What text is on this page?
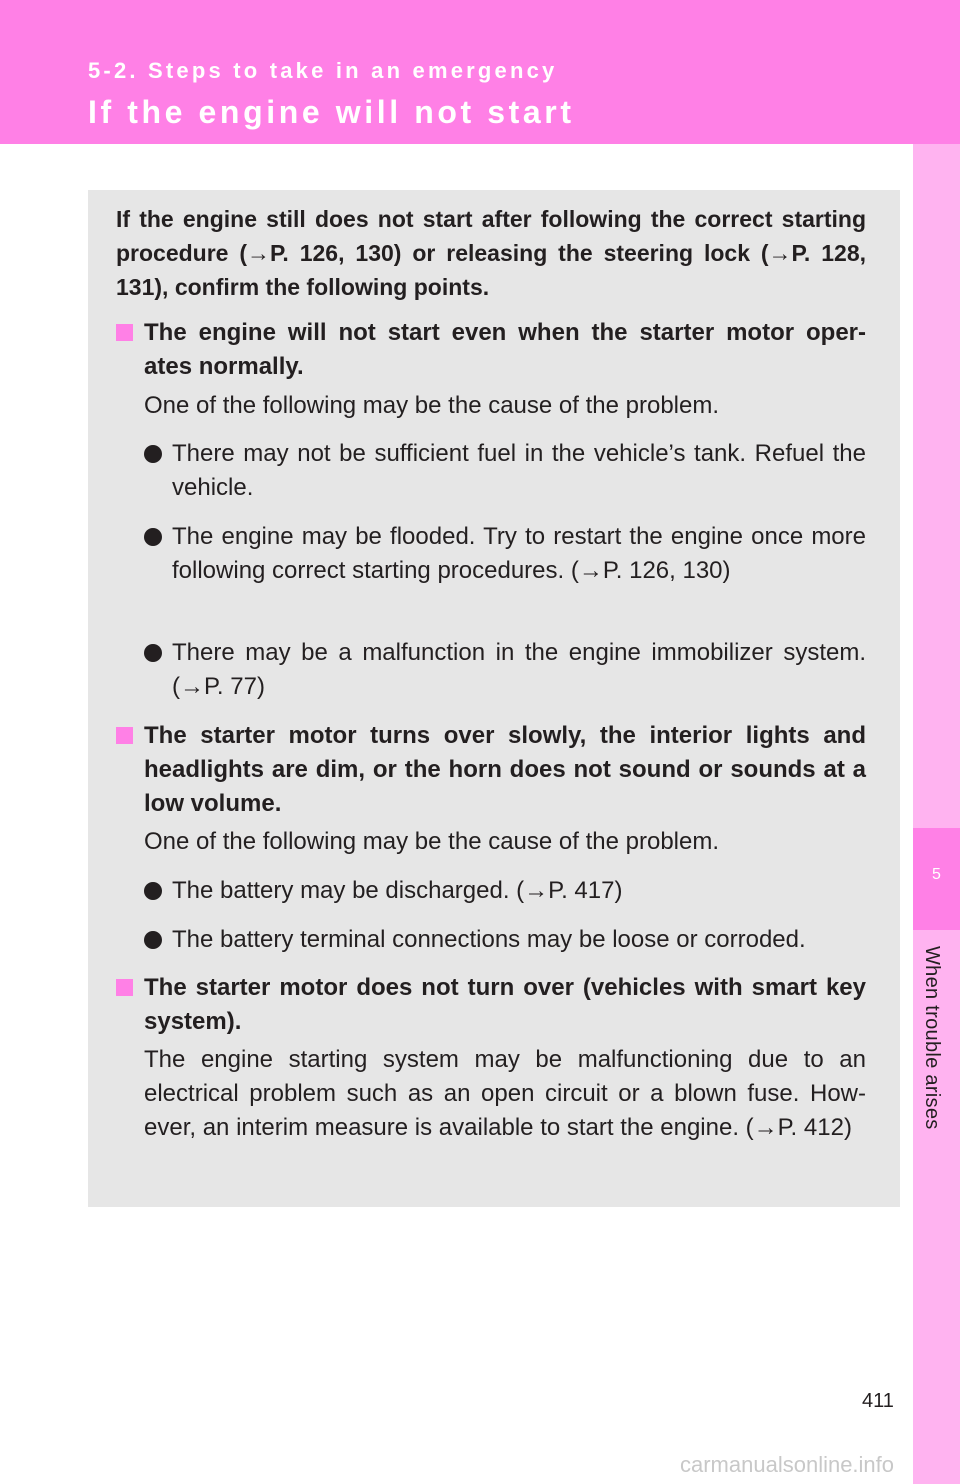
5-2. Steps to take in an emergency
If the engine will not start
5
When trouble arises

If the engine still does not start after following the correct starting procedure (→P. 126, 130) or releasing the steering lock (→P. 128, 131), confirm the following points.

The engine will not start even when the starter motor oper- ates normally.

One of the following may be the cause of the problem.

There may not be sufficient fuel in the vehicle’s tank. Refuel the vehicle.

The engine may be flooded. Try to restart the engine once more following correct starting procedures. (→P. 126, 130)

There may be a malfunction in the engine immobilizer system. (→P. 77)

The starter motor turns over slowly, the interior lights and headlights are dim, or the horn does not sound or sounds at a low volume.

One of the following may be the cause of the problem.

The battery may be discharged. (→P. 417)

The battery terminal connections may be loose or corroded.

The starter motor does not turn over (vehicles with smart key system).

The engine starting system may be malfunctioning due to an electrical problem such as an open circuit or a blown fuse. How- ever, an interim measure is available to start the engine. (→P. 412)

411
carmanualsonline.info
